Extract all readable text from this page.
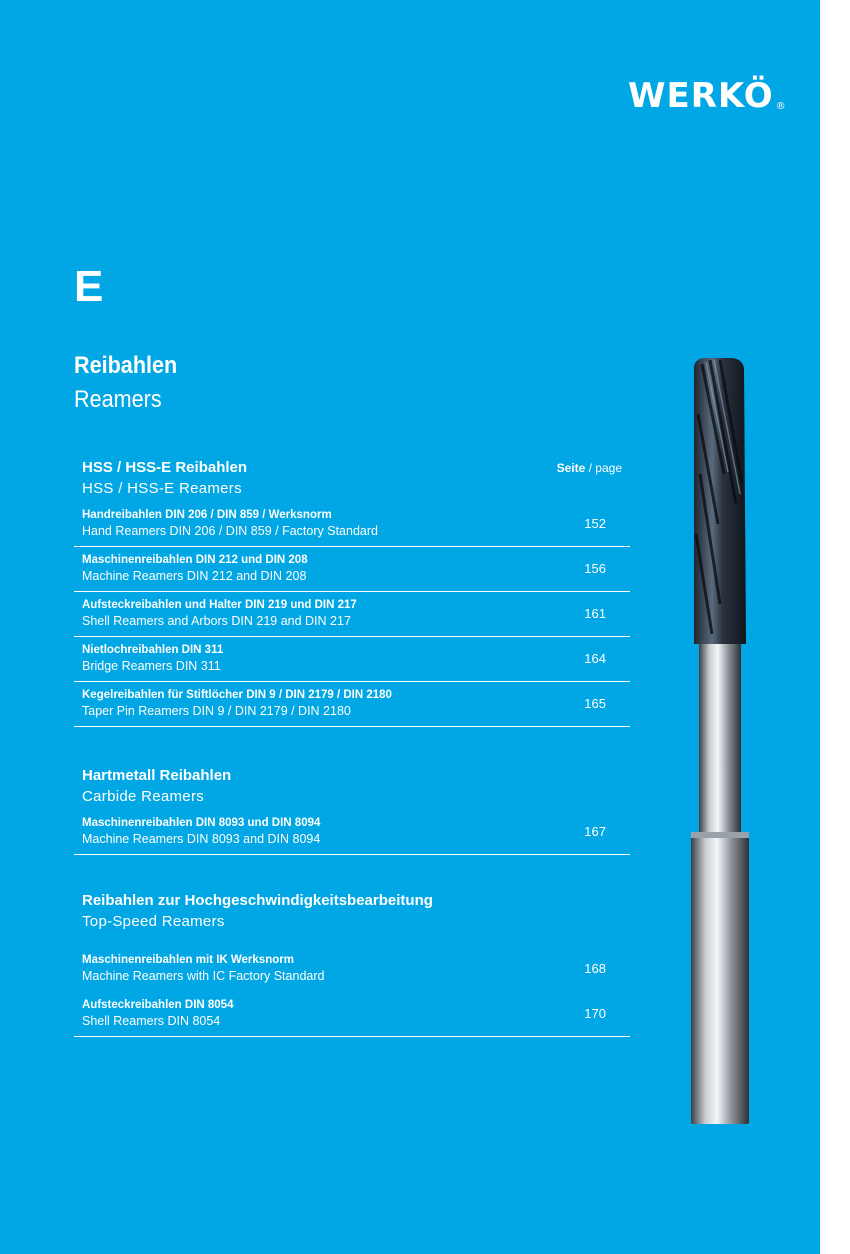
WERKÖ ®
E
Reibahlen
Reamers
HSS / HSS-E Reibahlen
HSS / HSS-E Reamers
Seite / page
Handreibahlen DIN 206 / DIN 859 / Werksnorm
Hand Reamers DIN 206 / DIN 859 / Factory Standard	152
Maschinenreibahlen DIN 212 und DIN 208
Machine Reamers DIN 212 and DIN 208	156
Aufsteckreibahlen und Halter DIN 219 und DIN 217
Shell Reamers and Arbors DIN 219 and DIN 217	161
Nietlochreibahlen DIN 311
Bridge Reamers DIN 311	164
Kegelreibahlen für Stiftlöcher DIN 9 / DIN 2179 / DIN 2180
Taper Pin Reamers DIN 9 / DIN 2179 / DIN 2180	165
Hartmetall Reibahlen
Carbide Reamers
Maschinenreibahlen DIN 8093 und DIN 8094
Machine Reamers DIN 8093 and DIN 8094	167
Reibahlen zur Hochgeschwindigkeitsbearbeitung
Top-Speed Reamers
Maschinenreibahlen mit IK Werksnorm
Machine Reamers with IC Factory Standard	168
Aufsteckreibahlen DIN 8054
Shell Reamers DIN 8054	170
